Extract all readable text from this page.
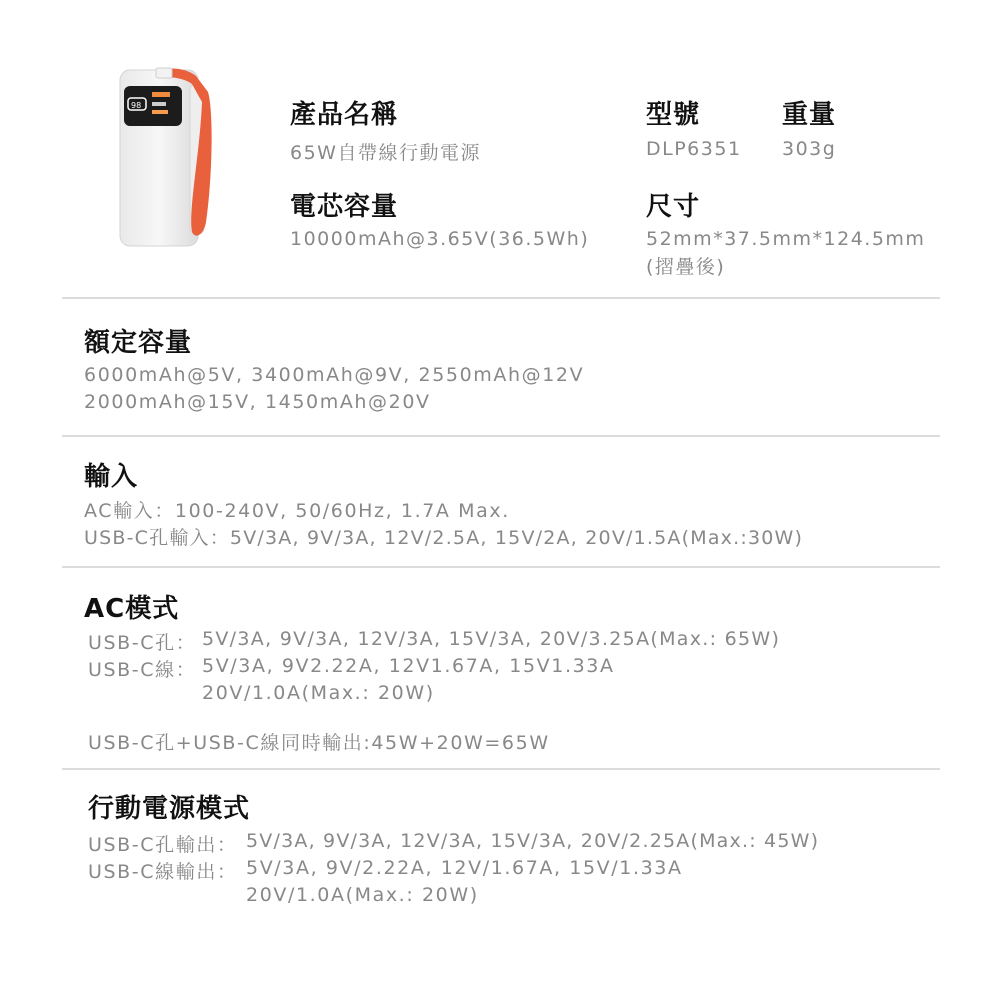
98	產品名稱
65W自帶線行動電源
型號
DLP6351
重量
303g
電芯容量
10000mAh@3.65V(36.5Wh)
尺寸
52mm*37.5mm*124.5mm
(摺疊後)
額定容量
6000mAh@5V, 3400mAh@9V, 2550mAh@12V
2000mAh@15V, 1450mAh@20V
輸入
AC輸入：100-240V, 50/60Hz, 1.7A Max.
USB-C孔輸入：5V/3A, 9V/3A, 12V/2.5A, 15V/2A, 20V/1.5A(Max.:30W)
AC模式
USB-C孔： 5V/3A, 9V/3A, 12V/3A, 15V/3A, 20V/3.25A(Max.: 65W)
USB-C線： 5V/3A, 9V2.22A, 12V1.67A, 15V1.33A
20V/1.0A(Max.: 20W)
USB-C孔+USB-C線同時輸出:45W+20W=65W
行動電源模式
USB-C孔輸出： 5V/3A, 9V/3A, 12V/3A, 15V/3A, 20V/2.25A(Max.: 45W)
USB-C線輸出： 5V/3A, 9V/2.22A, 12V/1.67A, 15V/1.33A
20V/1.0A(Max.: 20W)
